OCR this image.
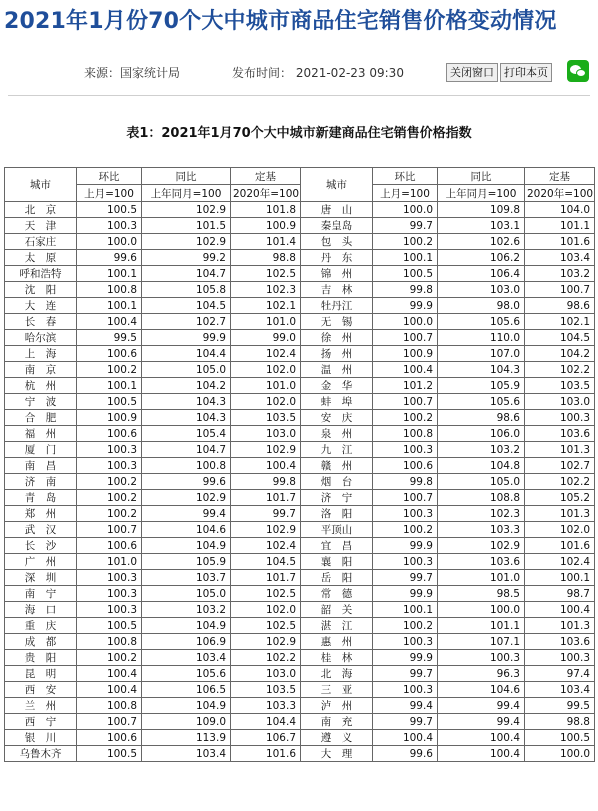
2021年1月份70个大中城市商品住宅销售价格变动情况
来源：国家统计局	发布时间： 2021-02-23 09:30	关闭窗口 打印本页
表1：2021年1月70个大中城市新建商品住宅销售价格指数
城市	环比	同比	定基	城市	环比	同比	定基
	上月=100	上年同月=100	2020年=100		上月=100	上年同月=100	2020年=100
北　京	100.5	102.9	101.8	唐　山	100.0	109.8	104.0
天　津	100.3	101.5	100.9	秦皇岛	99.7	103.1	101.1
石家庄	100.0	102.9	101.4	包　头	100.2	102.6	101.6
太　原	99.6	99.2	98.8	丹　东	100.1	106.2	103.4
呼和浩特	100.1	104.7	102.5	锦　州	100.5	106.4	103.2
沈　阳	100.8	105.8	102.3	吉　林	99.8	103.0	100.7
大　连	100.1	104.5	102.1	牡丹江	99.9	98.0	98.6
长　春	100.4	102.7	101.0	无　锡	100.0	105.6	102.1
哈尔滨	99.5	99.9	99.0	徐　州	100.7	110.0	104.5
上　海	100.6	104.4	102.4	扬　州	100.9	107.0	104.2
南　京	100.2	105.0	102.0	温　州	100.4	104.3	102.2
杭　州	100.1	104.2	101.0	金　华	101.2	105.9	103.5
宁　波	100.5	104.3	102.0	蚌　埠	100.7	105.6	103.0
合　肥	100.9	104.3	103.5	安　庆	100.2	98.6	100.3
福　州	100.6	105.4	103.0	泉　州	100.8	106.0	103.6
厦　门	100.3	104.7	102.9	九　江	100.3	103.2	101.3
南　昌	100.3	100.8	100.4	赣　州	100.6	104.8	102.7
济　南	100.2	99.6	99.8	烟　台	99.8	105.0	102.2
青　岛	100.2	102.9	101.7	济　宁	100.7	108.8	105.2
郑　州	100.2	99.4	99.7	洛　阳	100.3	102.3	101.3
武　汉	100.7	104.6	102.9	平顶山	100.2	103.3	102.0
长　沙	100.6	104.9	102.4	宜　昌	99.9	102.9	101.6
广　州	101.0	105.9	104.5	襄　阳	100.3	103.6	102.4
深　圳	100.3	103.7	101.7	岳　阳	99.7	101.0	100.1
南　宁	100.3	105.0	102.5	常　德	99.9	98.5	98.7
海　口	100.3	103.2	102.0	韶　关	100.1	100.0	100.4
重　庆	100.5	104.9	102.5	湛　江	100.2	101.1	101.3
成　都	100.8	106.9	102.9	惠　州	100.3	107.1	103.6
贵　阳	100.2	103.4	102.2	桂　林	99.9	100.3	100.3
昆　明	100.4	105.6	103.0	北　海	99.7	96.3	97.4
西　安	100.4	106.5	103.5	三　亚	100.3	104.6	103.4
兰　州	100.8	104.9	103.3	泸　州	99.4	99.4	99.5
西　宁	100.7	109.0	104.4	南　充	99.7	99.4	98.8
银　川	100.6	113.9	106.7	遵　义	100.4	100.4	100.5
乌鲁木齐	100.5	103.4	101.6	大　理	99.6	100.4	100.0
